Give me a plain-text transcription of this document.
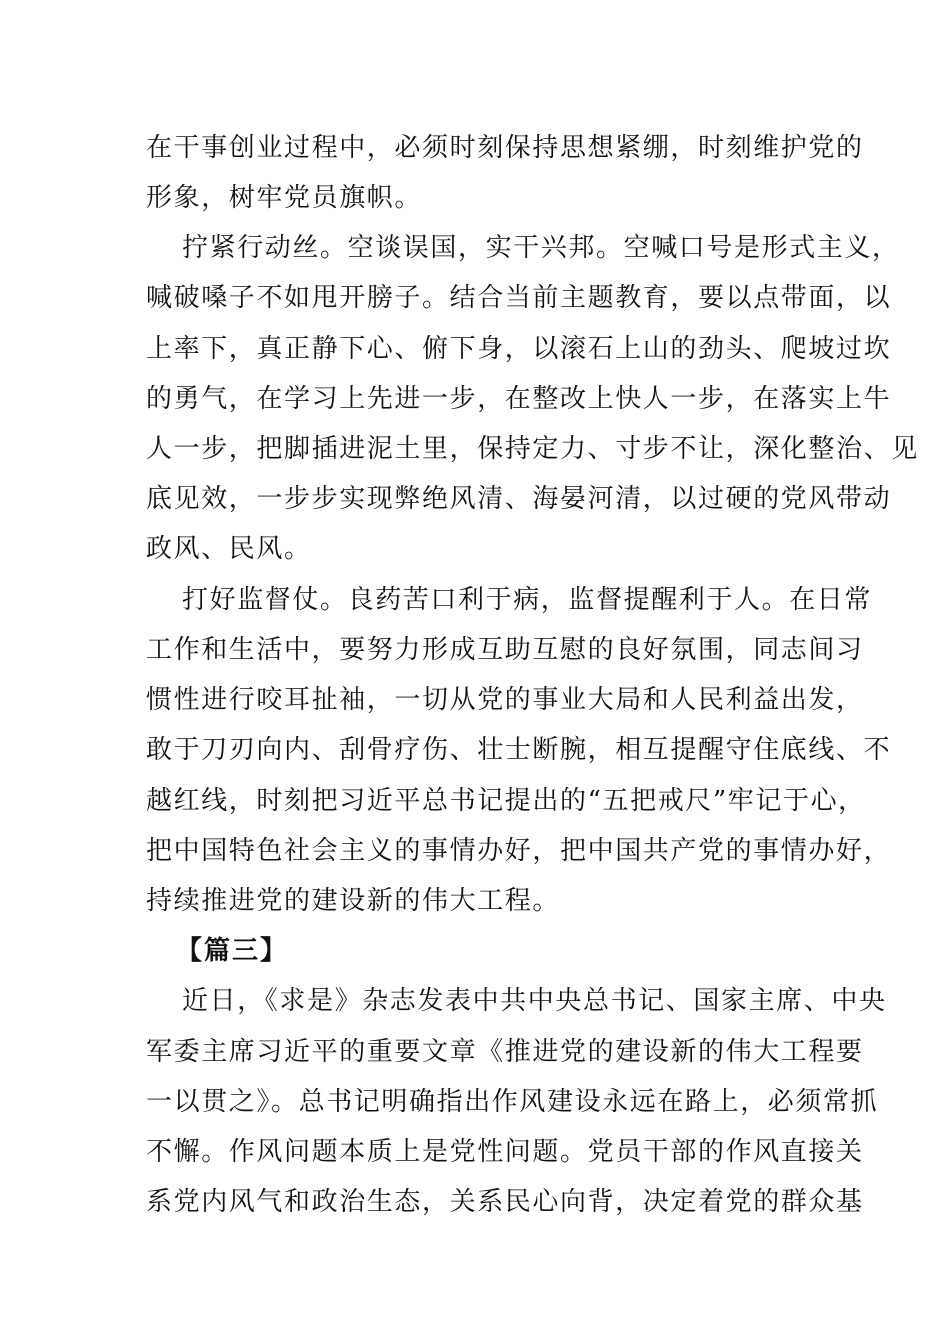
在干事创业过程中，必须时刻保持思想紧绷，时刻维护党的
形象，树牢党员旗帜。
拧紧行动丝。空谈误国，实干兴邦。空喊口号是形式主义，
喊破嗓子不如甩开膀子。结合当前主题教育，要以点带面，以
上率下，真正静下心、俯下身，以滚石上山的劲头、爬坡过坎
的勇气，在学习上先进一步，在整改上快人一步，在落实上牛
人一步，把脚插进泥土里，保持定力、寸步不让，深化整治、见
底见效，一步步实现弊绝风清、海晏河清，以过硬的党风带动
政风、民风。
打好监督仗。良药苦口利于病，监督提醒利于人。在日常
工作和生活中，要努力形成互助互慰的良好氛围，同志间习
惯性进行咬耳扯袖，一切从党的事业大局和人民利益出发，
敢于刀刃向内、刮骨疗伤、壮士断腕，相互提醒守住底线、不
越红线，时刻把习近平总书记提出的“五把戒尺”牢记于心，
把中国特色社会主义的事情办好，把中国共产党的事情办好，
持续推进党的建设新的伟大工程。
【篇三】
近日，《求是》杂志发表中共中央总书记、国家主席、中央
军委主席习近平的重要文章《推进党的建设新的伟大工程要
一以贯之》。总书记明确指出作风建设永远在路上，必须常抓
不懈。作风问题本质上是党性问题。党员干部的作风直接关
系党内风气和政治生态，关系民心向背，决定着党的群众基
